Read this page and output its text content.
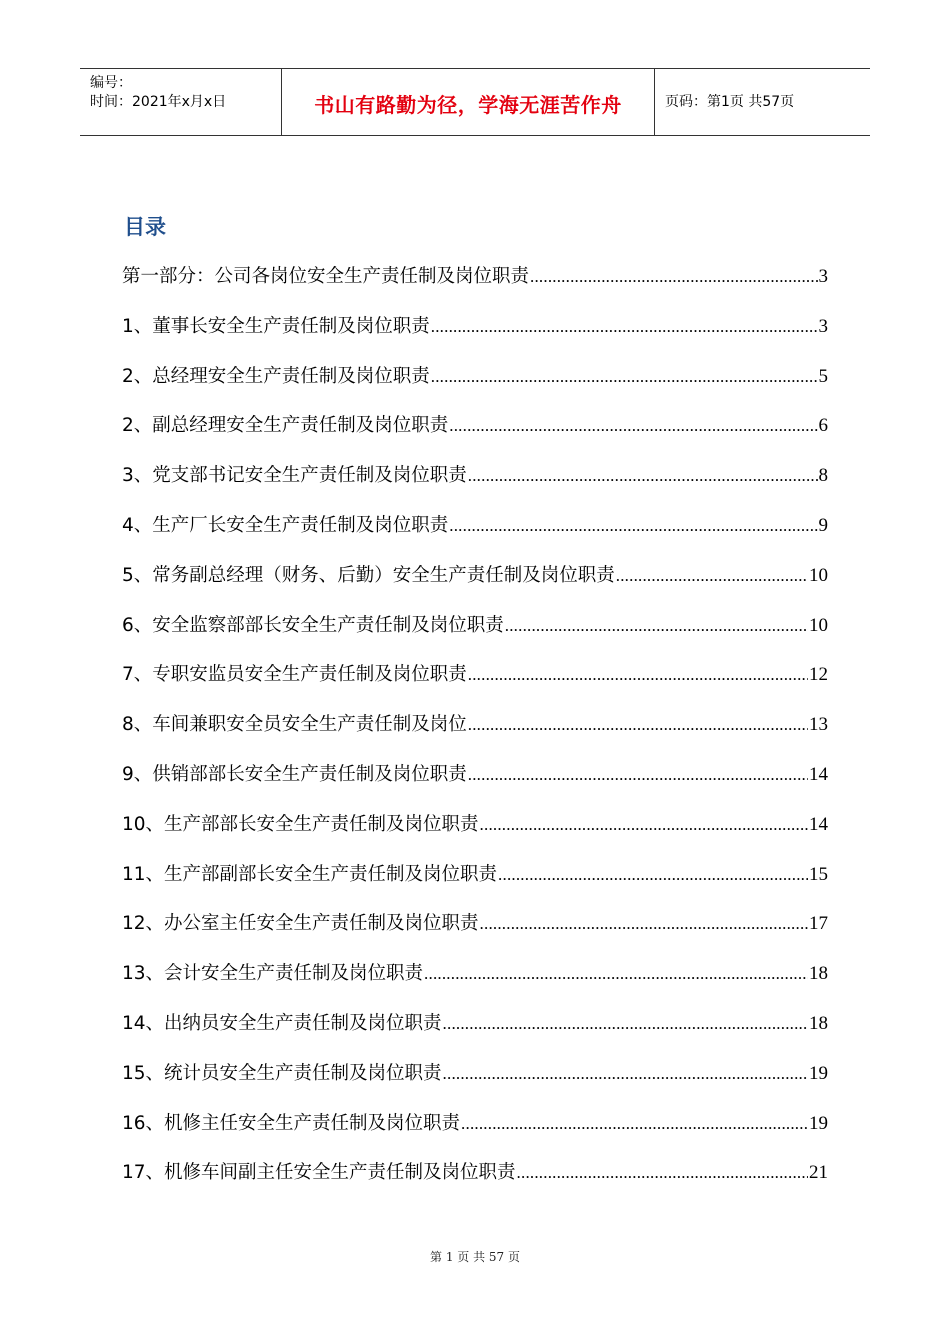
编号：
时间：2021年x月x日	书山有路勤为径，学海无涯苦作舟	页码：第1页 共57页
目录
第一部分：公司各岗位安全生产责任制及岗位职责 .....	3
1、董事长安全生产责任制及岗位职责 .....	3
2、总经理安全生产责任制及岗位职责 .....	5
2、副总经理安全生产责任制及岗位职责 .....	6
3、党支部书记安全生产责任制及岗位职责 .....	8
4、生产厂长安全生产责任制及岗位职责 .....	9
5、常务副总经理（财务、后勤）安全生产责任制及岗位职责 .....	10
6、安全监察部部长安全生产责任制及岗位职责 .....	10
7、专职安监员安全生产责任制及岗位职责 .....	12
8、车间兼职安全员安全生产责任制及岗位 .....	13
9、供销部部长安全生产责任制及岗位职责 .....	14
10、生产部部长安全生产责任制及岗位职责 .....	14
11、生产部副部长安全生产责任制及岗位职责 .....	15
12、办公室主任安全生产责任制及岗位职责 .....	17
13、会计安全生产责任制及岗位职责 .....	18
14、出纳员安全生产责任制及岗位职责 .....	18
15、统计员安全生产责任制及岗位职责 .....	19
16、机修主任安全生产责任制及岗位职责 .....	19
17、机修车间副主任安全生产责任制及岗位职责 .....	21
第 1 页 共 57 页
